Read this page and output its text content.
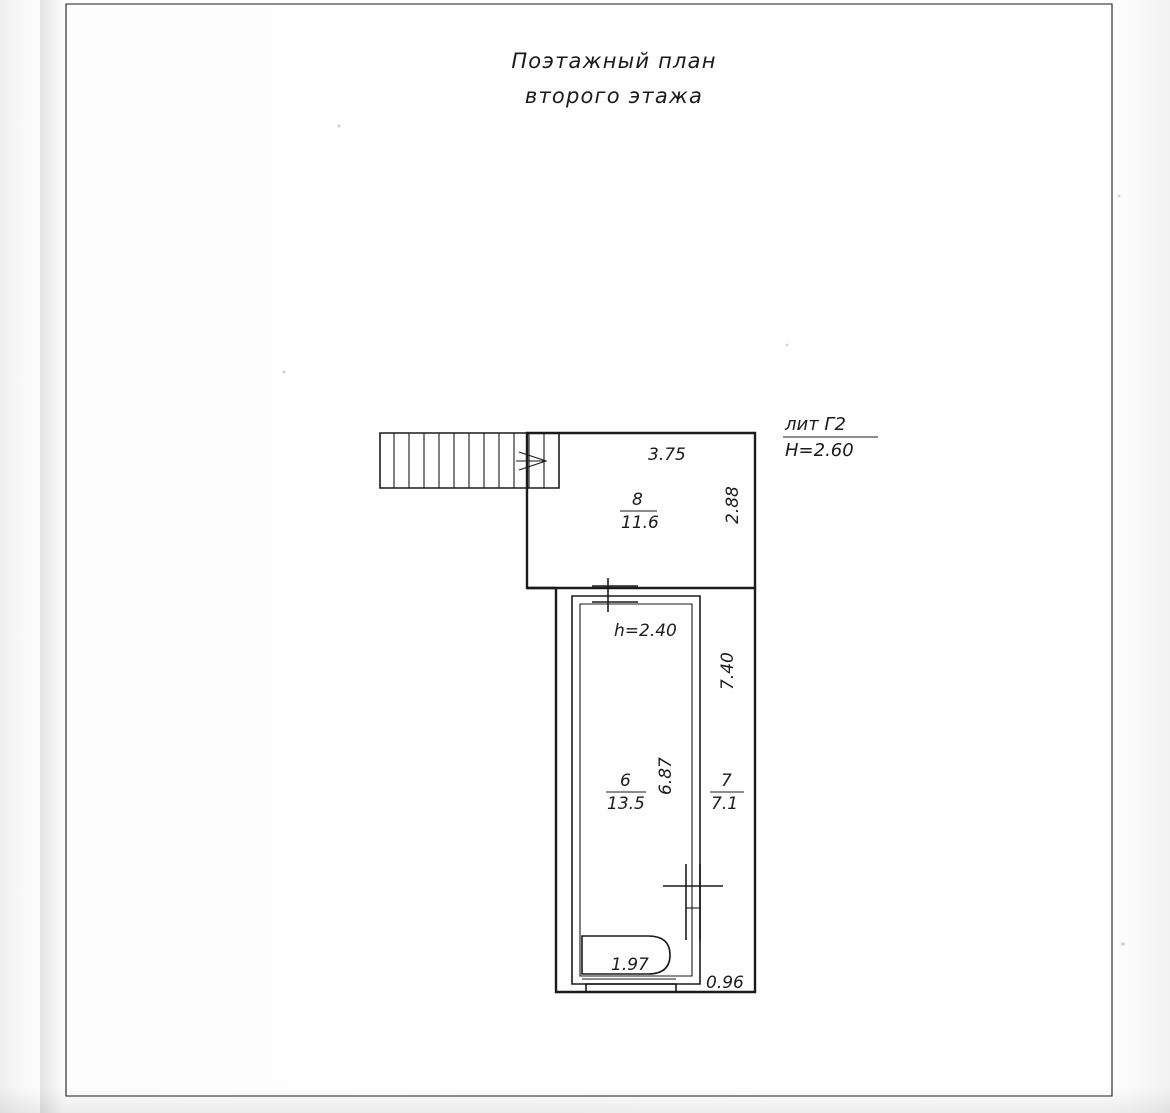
Поэтажный план
второго этажа
лит Г2
H=2.60
3.75
2.88
7.40
6.87
1.97
0.96
h=2.40
8
11.6
6
13.5
7
7.1
